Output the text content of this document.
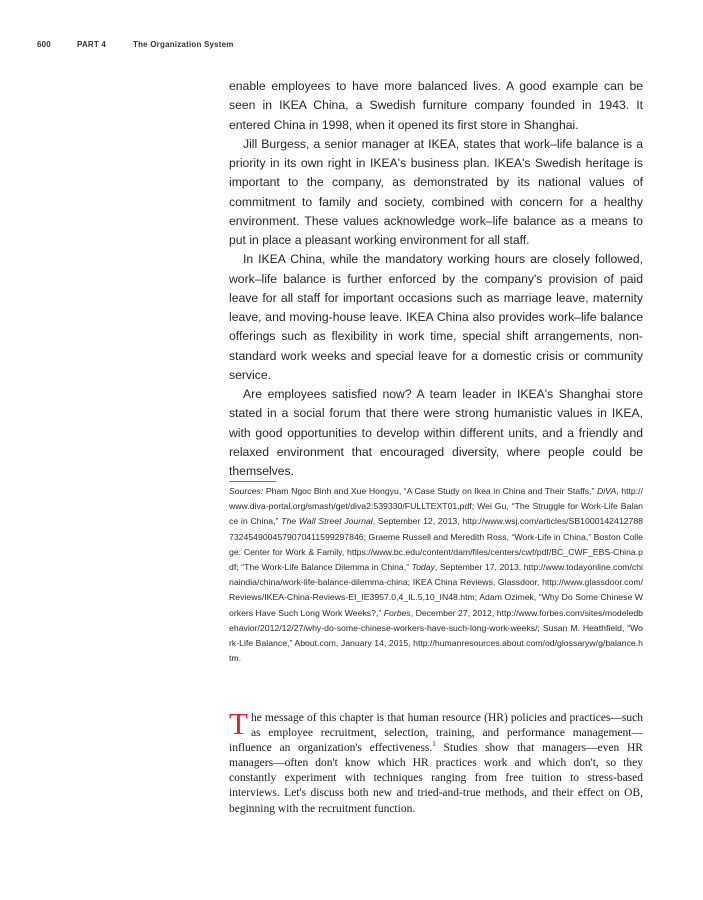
600	PART 4	The Organization System

enable employees to have more balanced lives. A good example can be seen in IKEA China, a Swedish furniture company founded in 1943. It entered China in 1998, when it opened its first store in Shanghai.

Jill Burgess, a senior manager at IKEA, states that work–life balance is a priority in its own right in IKEA's business plan. IKEA's Swedish heritage is important to the company, as demonstrated by its national values of commitment to family and society, combined with concern for a healthy environment. These values acknowledge work–life balance as a means to put in place a pleasant working environment for all staff.

In IKEA China, while the mandatory working hours are closely followed, work–life balance is further enforced by the company's provision of paid leave for all staff for important occasions such as marriage leave, maternity leave, and moving-house leave. IKEA China also provides work–life balance offerings such as flexibility in work time, special shift arrangements, non-standard work weeks and special leave for a domestic crisis or community service.

Are employees satisfied now? A team leader in IKEA's Shanghai store stated in a social forum that there were strong humanistic values in IKEA, with good opportunities to develop within different units, and a friendly and relaxed environment that encouraged diversity, where people could be themselves.

Sources: Pham Ngoc Binh and Xue Hongyu, “A Case Study on Ikea in China and Their Staffs,” DiVA, http://www.diva-portal.org/smash/get/diva2:539330/FULLTEXT01.pdf; Wei Gu, “The Struggle for Work-Life Balance in China,” The Wall Street Journal, September 12, 2013, http://www.wsj.com/articles/SB10001424127887324549004579070411599297846; Graeme Russell and Meredith Ross, “Work-Life in China,” Boston College: Center for Work & Family, https://www.bc.edu/content/dam/files/centers/cwf/pdf/BC_CWF_EBS-China.pdf; “The Work-Life Balance Dilemma in China,” Today, September 17, 2013, http://www.todayonline.com/chinaindia/china/work-life-balance-dilemma-china; IKEA China Reviews, Glassdoor, http://www.glassdoor.com/Reviews/IKEA-China-Reviews-EI_IE3957.0,4_IL.5,10_IN48.htm; Adam Ozimek, “Why Do Some Chinese Workers Have Such Long Work Weeks?,” Forbes, December 27, 2012, http://www.forbes.com/sites/modeledbehavior/2012/12/27/why-do-some-chinese-workers-have-such-long-work-weeks/; Susan M. Heathfield, “Work-Life Balance,” About.com, January 14, 2015, http://humanresources.about.com/od/glossaryw/g/balance.htm.
The message of this chapter is that human resource (HR) policies and practices—such as employee recruitment, selection, training, and performance management—influence an organization's effectiveness.$^1$ Studies show that managers—even HR managers—often don't know which HR practices work and which don't, so they constantly experiment with techniques ranging from free tuition to stress-based interviews. Let's discuss both new and tried-and-true methods, and their effect on OB, beginning with the recruitment function.
